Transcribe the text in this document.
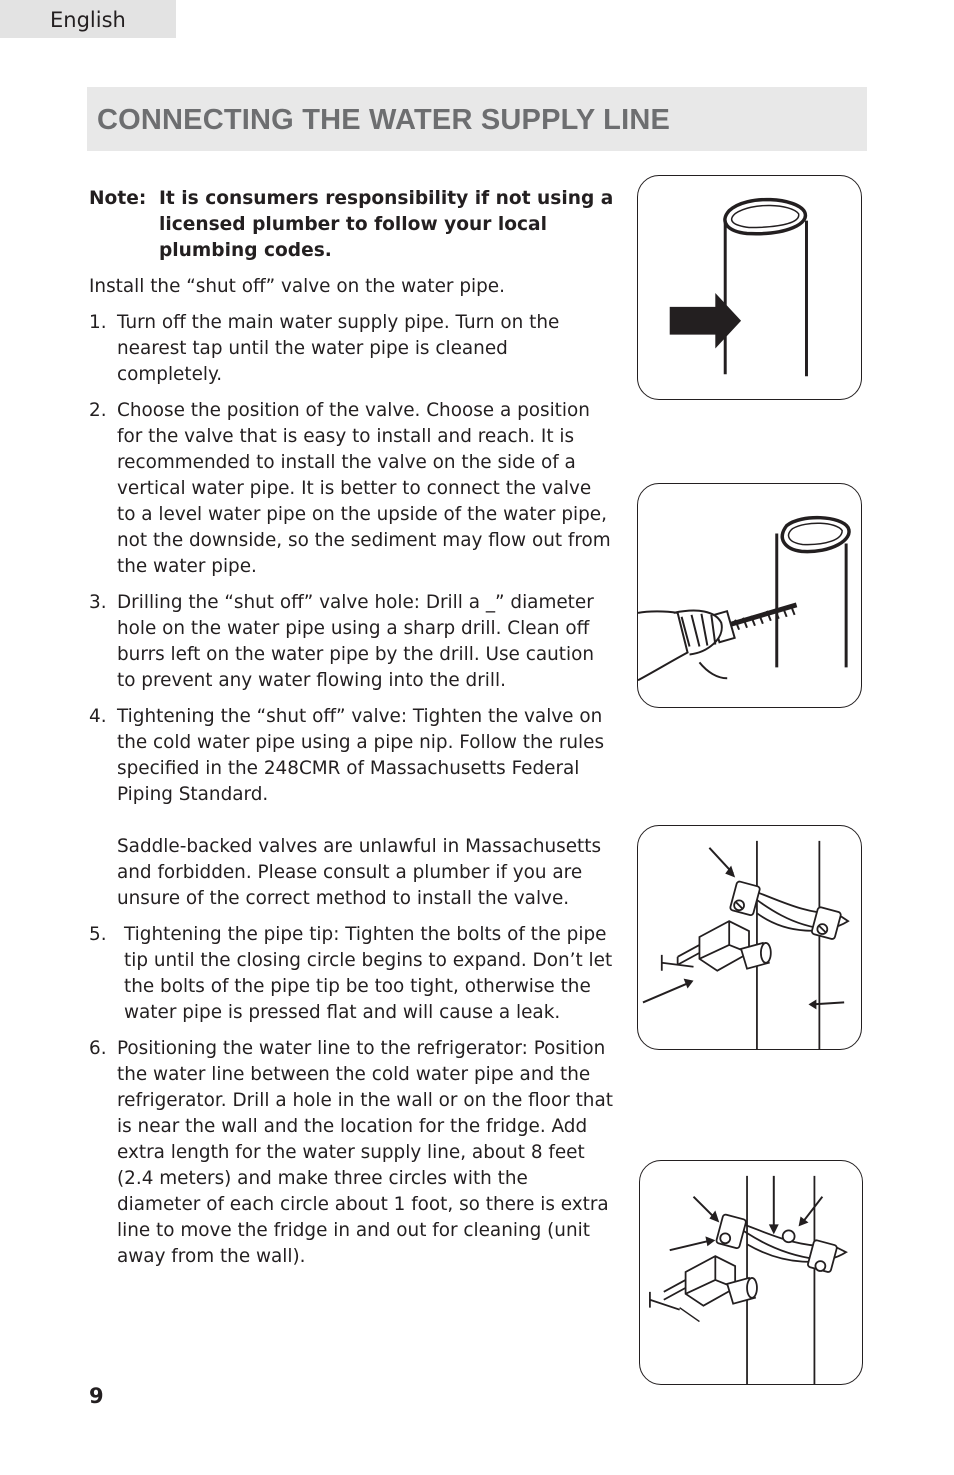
English
CONNECTING THE WATER SUPPLY LINE
Note: It is consumers responsibility if not using a licensed plumber to follow your local plumbing codes.

Install the “shut off” valve on the water pipe.

1. Turn off the main water supply pipe. Turn on the nearest tap until the water pipe is cleaned completely.

2. Choose the position of the valve. Choose a position for the valve that is easy to install and reach. It is recommended to install the valve on the side of a vertical water pipe. It is better to connect the valve to a level water pipe on the upside of the water pipe, not the downside, so the sediment may flow out from the water pipe.

3. Drilling the “shut off” valve hole: Drill a _” diameter hole on the water pipe using a sharp drill. Clean off burrs left on the water pipe by the drill. Use caution to prevent any water flowing into the drill.

4. Tightening the “shut off” valve: Tighten the valve on the cold water pipe using a pipe nip. Follow the rules specified in the 248CMR of Massachusetts Federal Piping Standard.

Saddle-backed valves are unlawful in Massachusetts and forbidden. Please consult a plumber if you are unsure of the correct method to install the valve.

5. Tightening the pipe tip: Tighten the bolts of the pipe tip until the closing circle begins to expand. Don’t let the bolts of the pipe tip be too tight, otherwise the water pipe is pressed flat and will cause a leak.

6. Positioning the water line to the refrigerator: Position the water line between the cold water pipe and the refrigerator. Drill a hole in the wall or on the floor that is near the wall and the location for the fridge. Add extra length for the water supply line, about 8 feet (2.4 meters) and make three circles with the diameter of each circle about 1 foot, so there is extra line to move the fridge in and out for cleaning (unit away from the wall).

9
